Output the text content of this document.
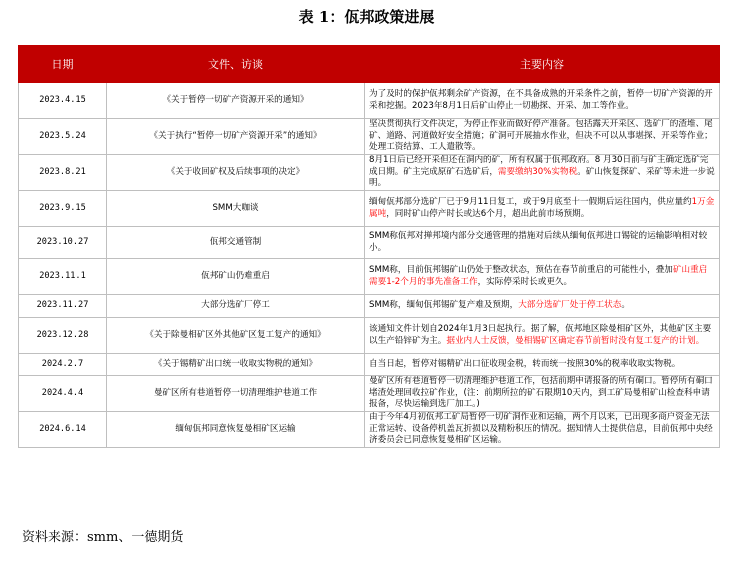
表 1：佤邦政策进展
日期	文件、访谈	主要内容
2023.4.15	《关于暂停一切矿产资源开采的通知》	为了及时的保护佤邦剩余矿产资源，在不具备成熟的开采条件之前，暂停一切矿产资源的开采和挖掘。2023年8月1日后矿山停止一切勘探、开采、加工等作业。
2023.5.24	《关于执行“暂停一切矿产资源开采”的通知》	坚决贯彻执行文件决定，为停止作业而做好停产准备。包括露天开采区、选矿厂的渣堆、尾矿、道路、河道做好安全措施；矿洞可开展抽水作业，但决不可以从事堪探、开采等作业；处理工资结算、工人遣散等。
2023.8.21	《关于收回矿权及后续事项的决定》	8月1日后已经开采但还在洞内的矿，所有权属于佤邦政府。8 月30日前与矿主确定选矿完成日期。矿主完成原矿石选矿后，需要缴纳30%实物税。矿山恢复探矿、采矿等未进一步说明。
2023.9.15	SMM大咖谈	缅甸佤邦部分选矿厂已于9月11日复工，或于9月底至十一假期后运往国内，供应量约1万金属吨，同时矿山停产时长或达6个月，超出此前市场预期。
2023.10.27	佤邦交通管制	SMM称佤邦对掸邦境内部分交通管理的措施对后续从缅甸佤邦进口锡锭的运输影响相对较小。
2023.11.1	佤邦矿山仍难重启	SMM称，目前佤邦锡矿山仍处于整改状态，预估在春节前重启的可能性小，叠加矿山重启需要1-2个月的事先准备工作，实际停采时长或更久。
2023.11.27	大部分选矿厂停工	SMM称，缅甸佤邦锡矿复产难及预期，大部分选矿厂处于停工状态。
2023.12.28	《关于除曼相矿区外其他矿区复工复产的通知》	该通知文件计划自2024年1月3日起执行。据了解，佤邦地区除曼相矿区外，其他矿区主要以生产铅锌矿为主。据业内人士反馈，曼相锡矿区确定春节前暂时没有复工复产的计划。
2024.2.7	《关于锡精矿出口统一收取实物税的通知》	自当日起，暂停对锡精矿出口征收现金税，转而统一按照30%的税率收取实物税。
2024.4.4	曼矿区所有巷道暂停一切清理维护巷道工作	曼矿区所有巷道暂停一切清理维护巷道工作，包括前期申请报备的所有硐口。暂停所有硐口堵渣处理回收拉矿作业，(注：前期所拉的矿石限期10天内，到工矿局曼相矿山检查科申请报备，尽快运输到选厂加工。)
2024.6.14	缅甸佤邦同意恢复曼相矿区运输	由于今年4月初佤邦工矿局暂停一切矿洞作业和运输，两个月以来，已出现多商户资金无法正常运转、设备停机盖瓦折损以及精粉积压的情况。据知情人士提供信息，目前佤邦中央经济委员会已同意恢复曼相矿区运输。
资料来源：smm、一德期货
